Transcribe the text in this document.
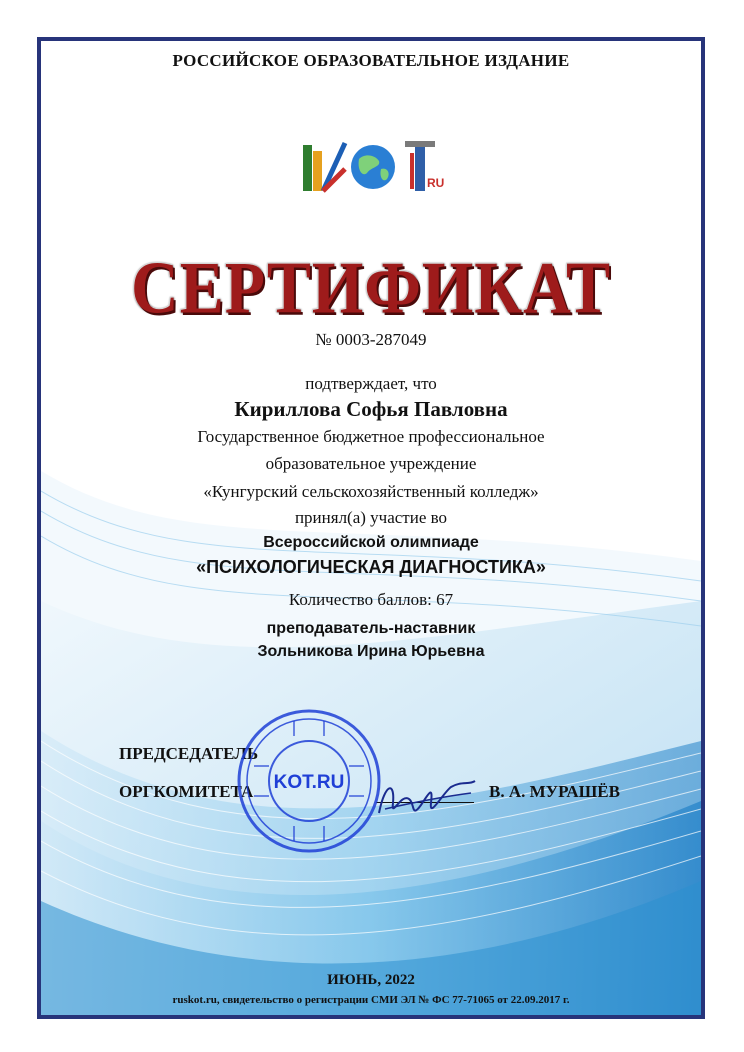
РОССИЙСКОЕ ОБРАЗОВАТЕЛЬНОЕ ИЗДАНИЕ
RU
СЕРТИФИКАТ
№ 0003-287049
подтверждает, что
Кириллова Софья Павловна
Государственное бюджетное профессиональное
образовательное учреждение
«Кунгурский сельскохозяйственный колледж»
принял(а) участие во
Всероссийской олимпиаде
«ПСИХОЛОГИЧЕСКАЯ ДИАГНОСТИКА»
Количество баллов: 67
преподаватель-наставник
Зольникова Ирина Юрьевна
ПРЕДСЕДАТЕЛЬ
ОРГКОМИТЕТА	В. А. МУРАШЁВ
KOT.RU
ИЮНЬ, 2022
ruskot.ru, свидетельство о регистрации СМИ ЭЛ № ФС 77-71065 от 22.09.2017 г.
